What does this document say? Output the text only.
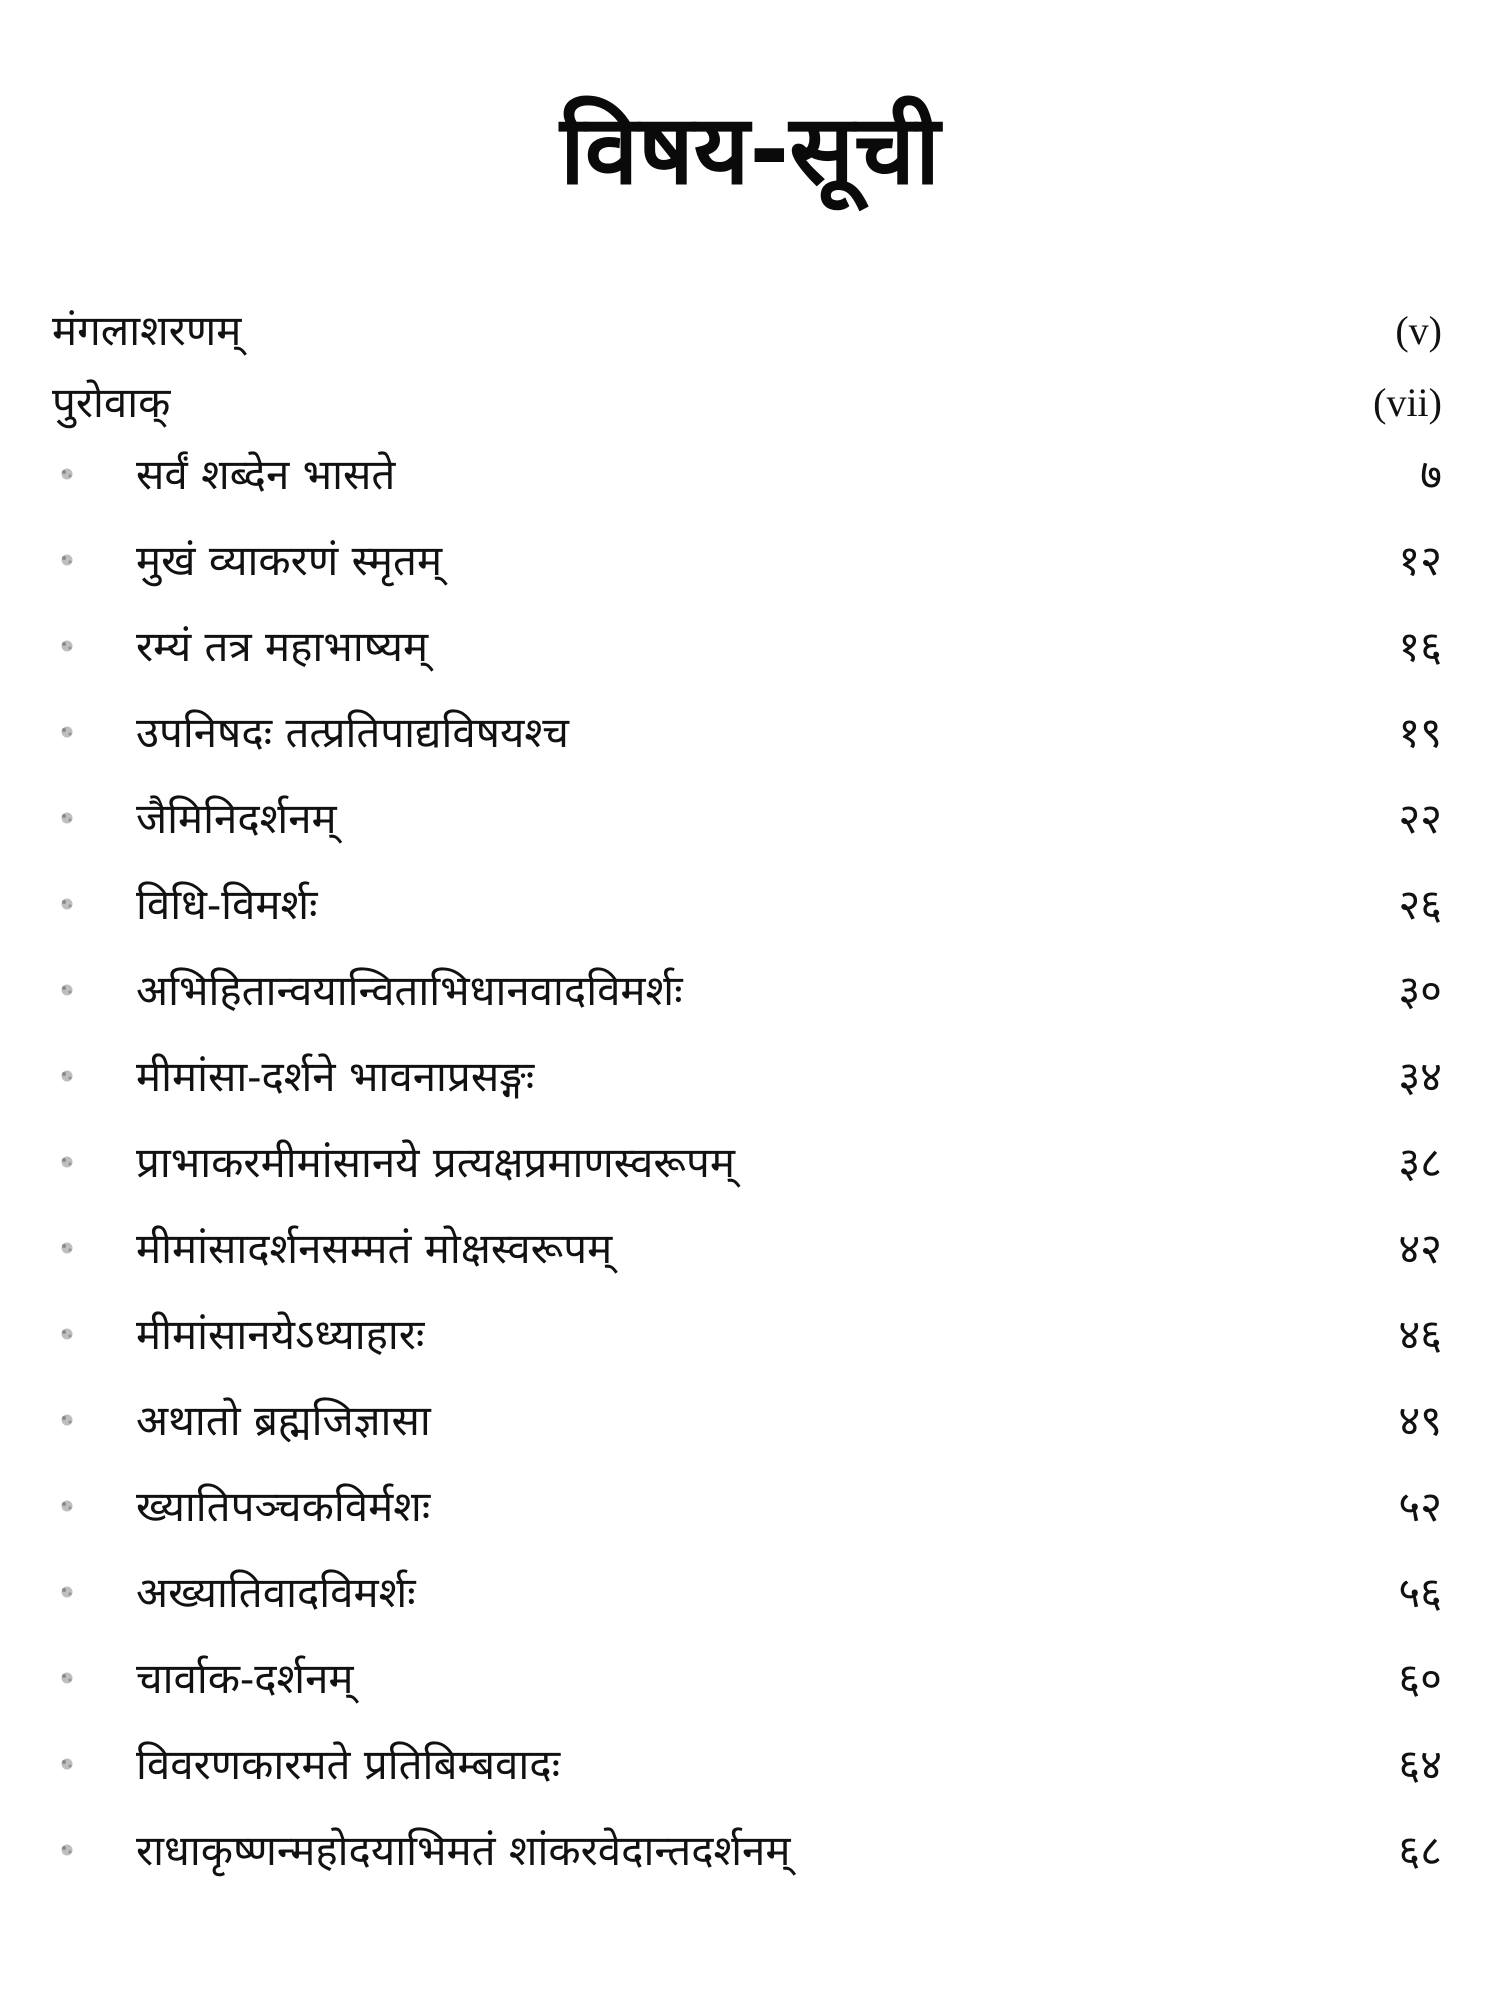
विषय-सूची
मंगलाशरणम्	(v)
पुरोवाक्	(vii)
सर्वं शब्देन भासते	७
मुखं व्याकरणं स्मृतम्	१२
रम्यं तत्र महाभाष्यम्	१६
उपनिषदः तत्प्रतिपाद्यविषयश्च	१९
जैमिनिदर्शनम्	२२
विधि-विमर्शः	२६
अभिहितान्वयान्विताभिधानवादविमर्शः	३०
मीमांसा-दर्शने भावनाप्रसङ्गः	३४
प्राभाकरमीमांसानये प्रत्यक्षप्रमाणस्वरूपम्	३८
मीमांसादर्शनसम्मतं मोक्षस्वरूपम्	४२
मीमांसानयेऽध्याहारः	४६
अथातो ब्रह्मजिज्ञासा	४९
ख्यातिपञ्चकविर्मशः	५२
अख्यातिवादविमर्शः	५६
चार्वाक-दर्शनम्	६०
विवरणकारमते प्रतिबिम्बवादः	६४
राधाकृष्णन्महोदयाभिमतं शांकरवेदान्तदर्शनम्	६८
